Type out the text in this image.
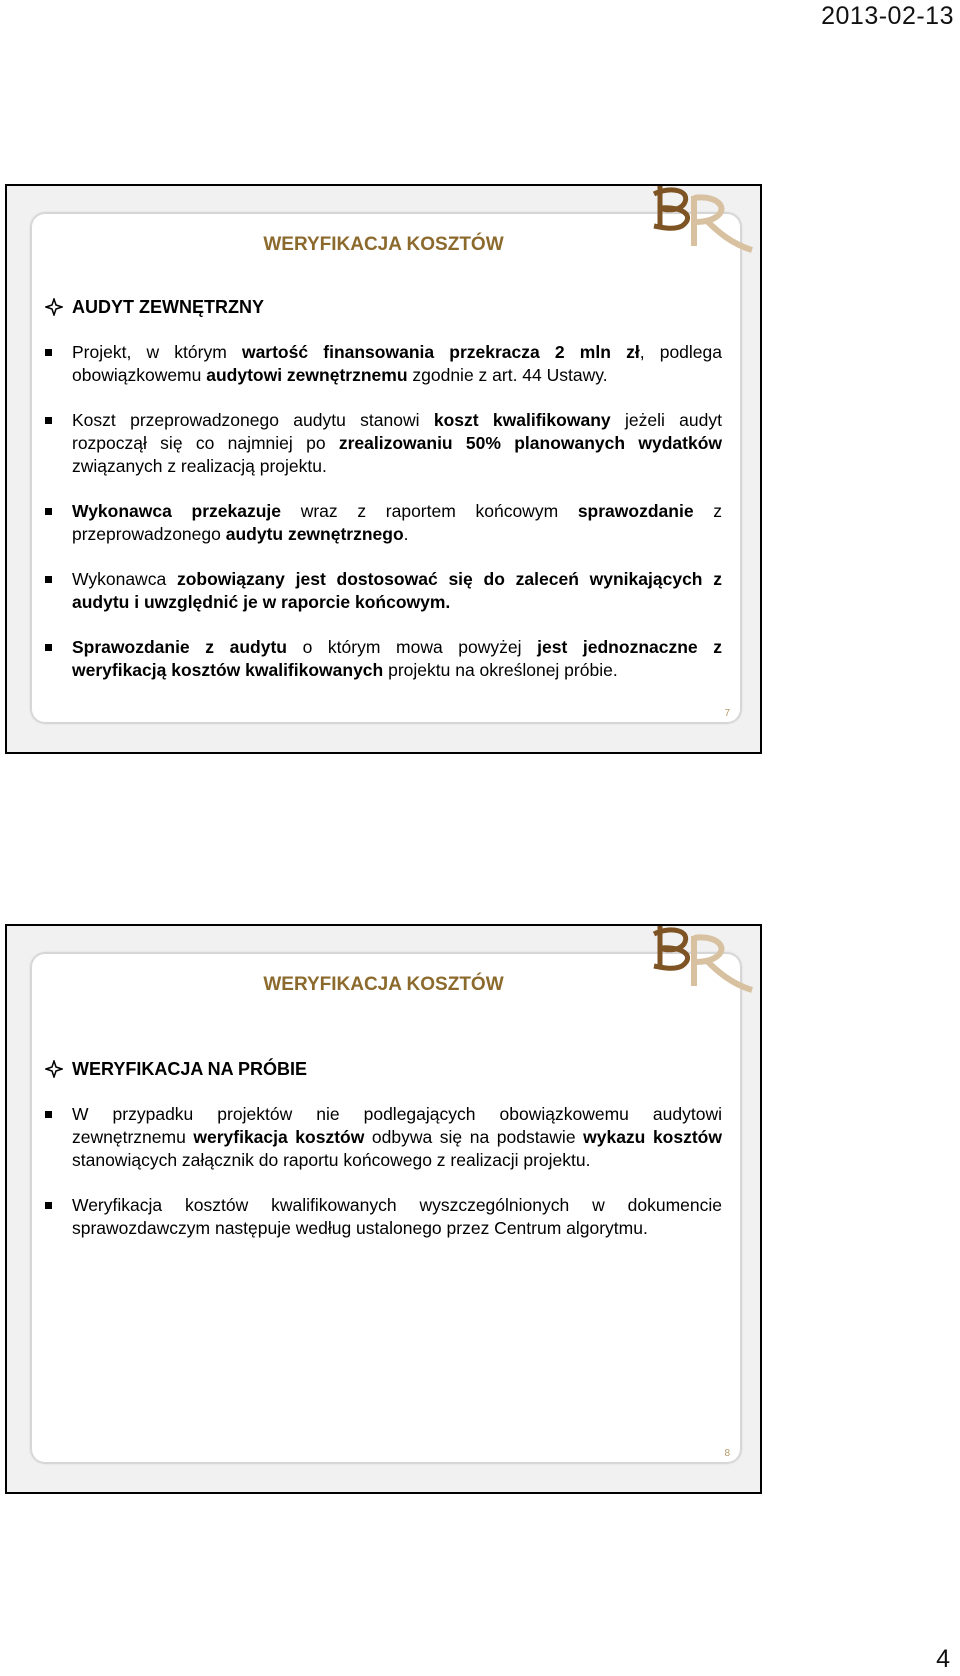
2013-02-13
WERYFIKACJA KOSZTÓW
AUDYT ZEWNĘTRZNY
Projekt, w którym wartość finansowania przekracza 2 mln zł, podlega obowiązkowemu audytowi zewnętrznemu zgodnie z art. 44 Ustawy.
Koszt przeprowadzonego audytu stanowi koszt kwalifikowany jeżeli audyt rozpoczął się co najmniej po zrealizowaniu 50% planowanych wydatków związanych z realizacją projektu.
Wykonawca przekazuje wraz z raportem końcowym sprawozdanie z przeprowadzonego audytu zewnętrznego.
Wykonawca zobowiązany jest dostosować się do zaleceń wynikających z audytu i uwzględnić je w raporcie końcowym.
Sprawozdanie z audytu o którym mowa powyżej jest jednoznaczne z weryfikacją kosztów kwalifikowanych projektu na określonej próbie.
7
WERYFIKACJA KOSZTÓW
WERYFIKACJA NA PRÓBIE
W przypadku projektów nie podlegających obowiązkowemu audytowi zewnętrznemu weryfikacja kosztów odbywa się na podstawie wykazu kosztów stanowiących załącznik do raportu końcowego z realizacji projektu.
Weryfikacja kosztów kwalifikowanych wyszczególnionych w dokumencie sprawozdawczym następuje według ustalonego przez Centrum algorytmu.
8
4
